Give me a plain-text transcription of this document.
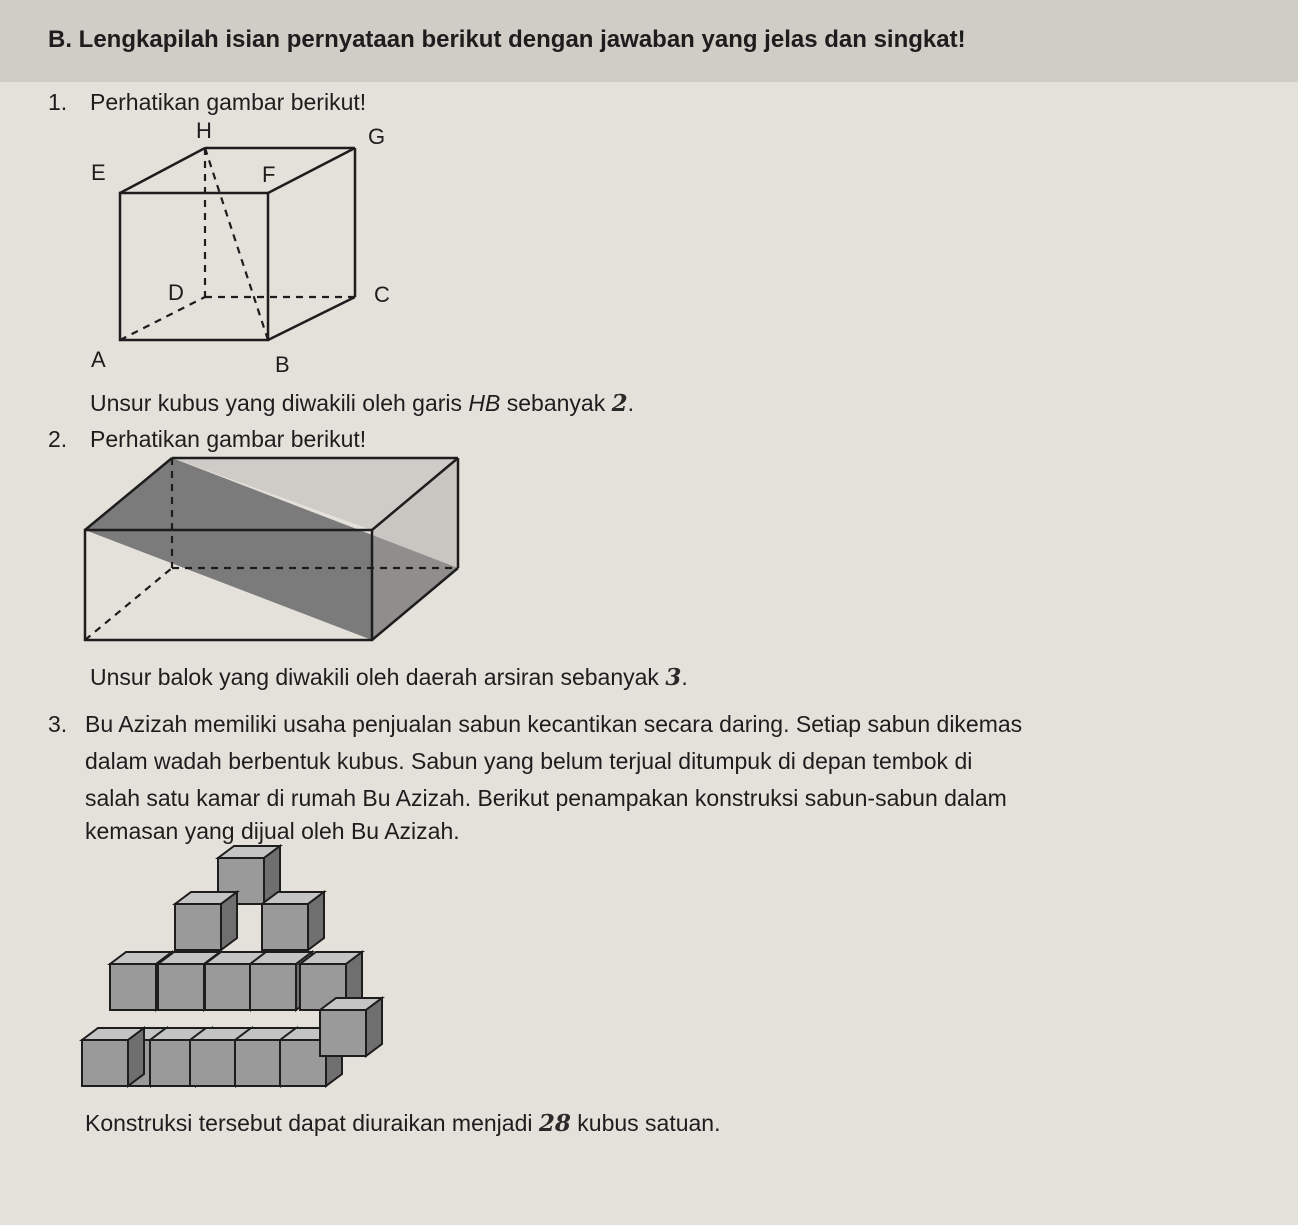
B. Lengkapilah isian pernyataan berikut dengan jawaban yang jelas dan singkat!
1. Perhatikan gambar berikut!
H	G
E	F
D	C
A	B
Unsur kubus yang diwakili oleh garis HB sebanyak 2.
2. Perhatikan gambar berikut!
Unsur balok yang diwakili oleh daerah arsiran sebanyak 3.
3. Bu Azizah memiliki usaha penjualan sabun kecantikan secara daring. Setiap sabun dikemas
dalam wadah berbentuk kubus. Sabun yang belum terjual ditumpuk di depan tembok di
salah satu kamar di rumah Bu Azizah. Berikut penampakan konstruksi sabun-sabun dalam
kemasan yang dijual oleh Bu Azizah.
Konstruksi tersebut dapat diuraikan menjadi 28 kubus satuan.
